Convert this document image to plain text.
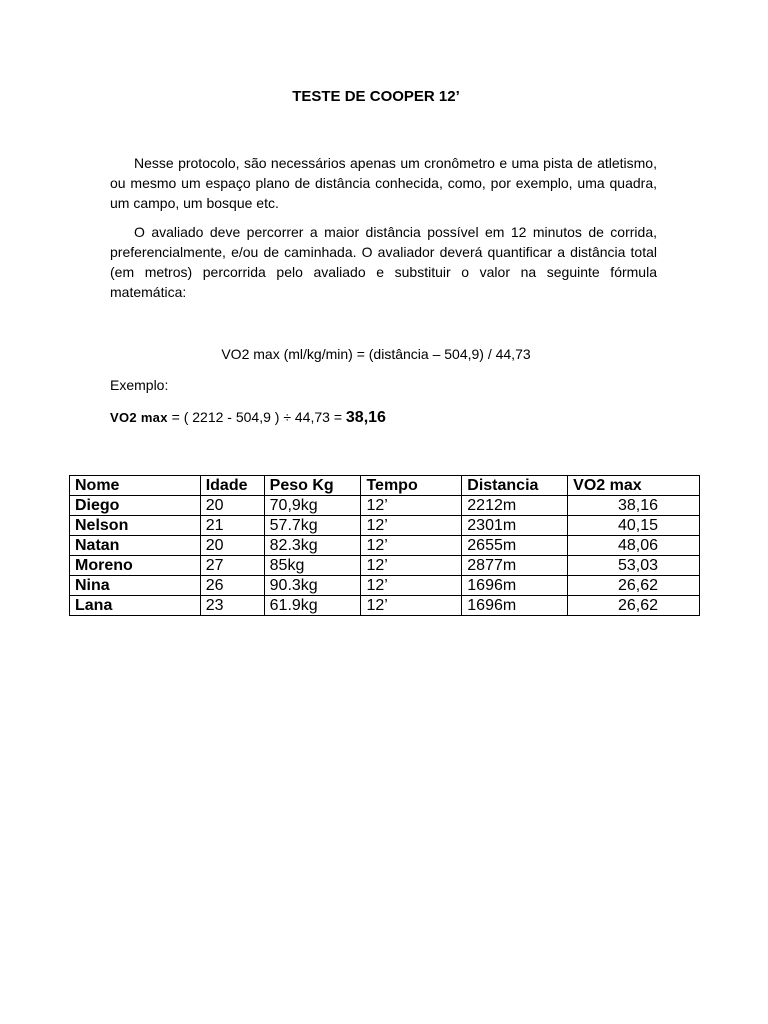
TESTE DE COOPER 12’

Nesse protocolo, são necessários apenas um cronômetro e uma pista de atletismo, ou mesmo um espaço plano de distância conhecida, como, por exemplo, uma quadra, um campo, um bosque etc.

O avaliado deve percorrer a maior distância possível em 12 minutos de corrida, preferencialmente, e/ou de caminhada. O avaliador deverá quantificar a distância total (em metros) percorrida pelo avaliado e substituir o valor na seguinte fórmula matemática:

VO2 max (ml/kg/min) = (distância – 504,9) / 44,73
Exemplo:
VO2 max = ( 2212 - 504,9 ) ÷ 44,73 = 38,16
Nome	Idade	Peso Kg	Tempo	Distancia	VO2 max
Diego	20	70,9kg	12’	2212m	38,16
Nelson	21	57.7kg	12’	2301m	40,15
Natan	20	82.3kg	12’	2655m	48,06
Moreno	27	85kg	12’	2877m	53,03
Nina	26	90.3kg	12’	1696m	26,62
Lana	23	61.9kg	12’	1696m	26,62
